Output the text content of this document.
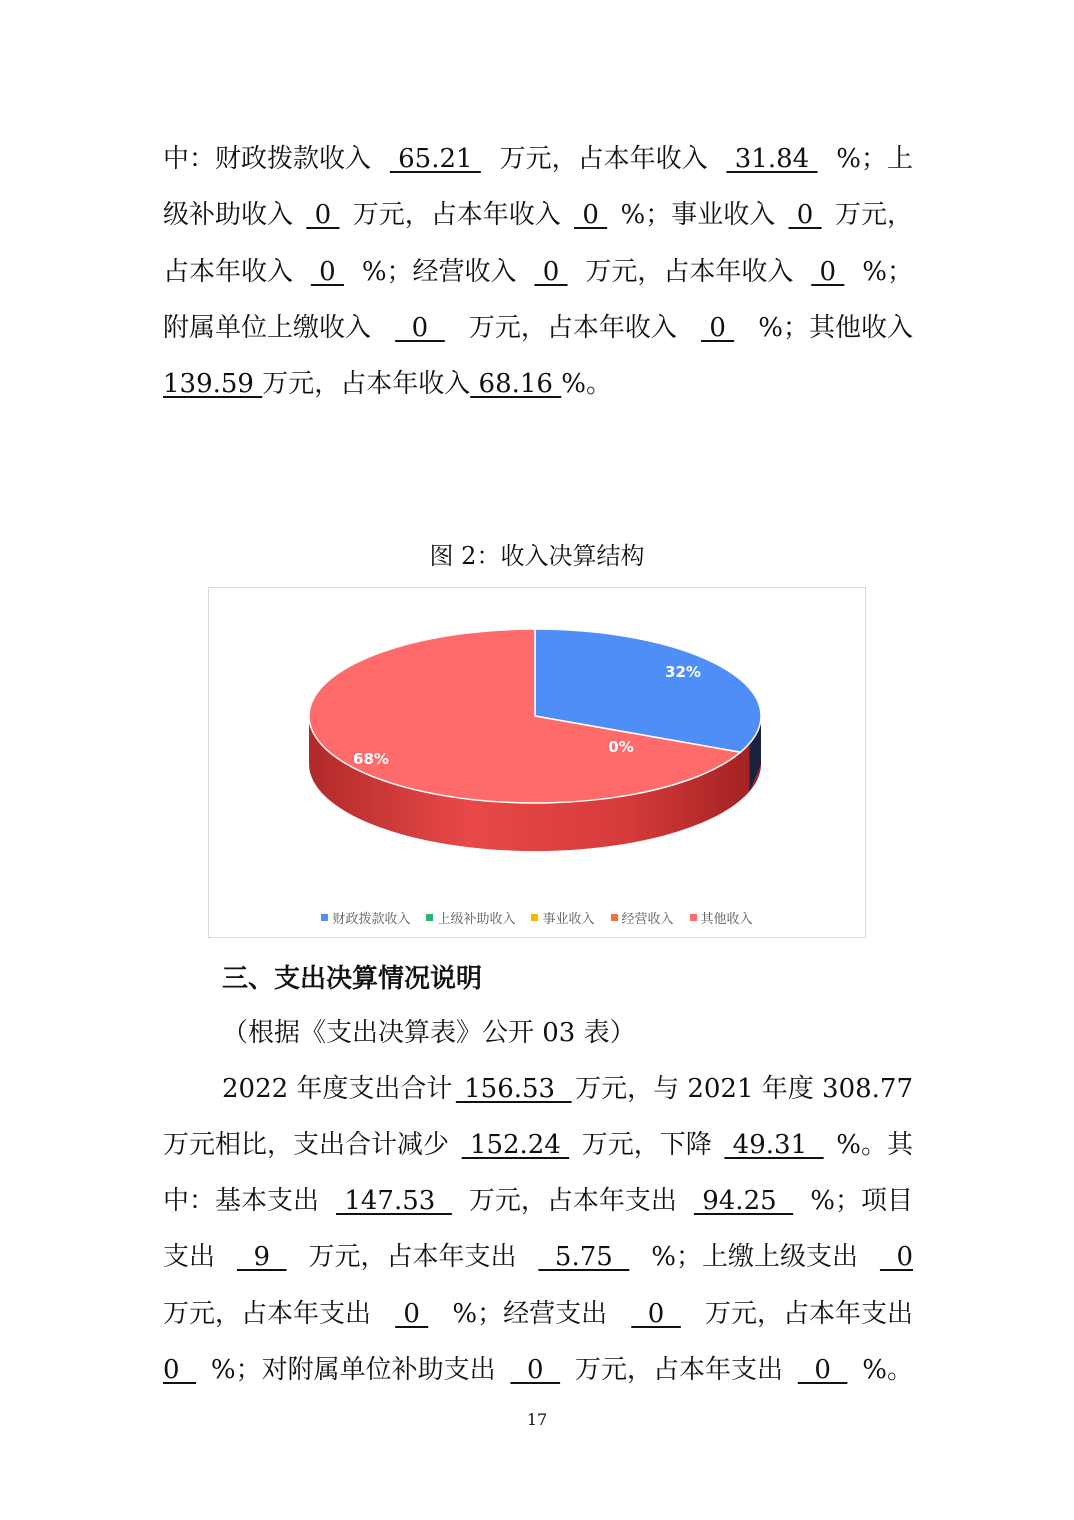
中：财政拨款收入 65.21 万元，占本年收入 31.84 %；上
级补助收入 0 万元，占本年收入 0 %；事业收入 0 万元，
占本年收入 0 %；经营收入 0 万元，占本年收入 0 %；
附属单位上缴收入 0 万元，占本年收入 0 %；其他收入
139.59 万元，占本年收入 68.16 %。
图 2：收入决算结构
32%
0%
68%
财政拨款收入 上级补助收入 事业收入 经营收入 其他收入
三、支出决算情况说明
（根据《支出决算表》公开 03 表）
2022 年度支出合计 156.53 万元，与 2021 年度 308.77
万元相比，支出合计减少 152.24 万元，下降 49.31 %。其
中：基本支出 147.53 万元，占本年支出 94.25 %；项目
支出 9 万元，占本年支出 5.75 %；上缴上级支出 0
万元，占本年支出 0 %；经营支出 0 万元，占本年支出
0 %；对附属单位补助支出 0 万元，占本年支出 0 %。
17
